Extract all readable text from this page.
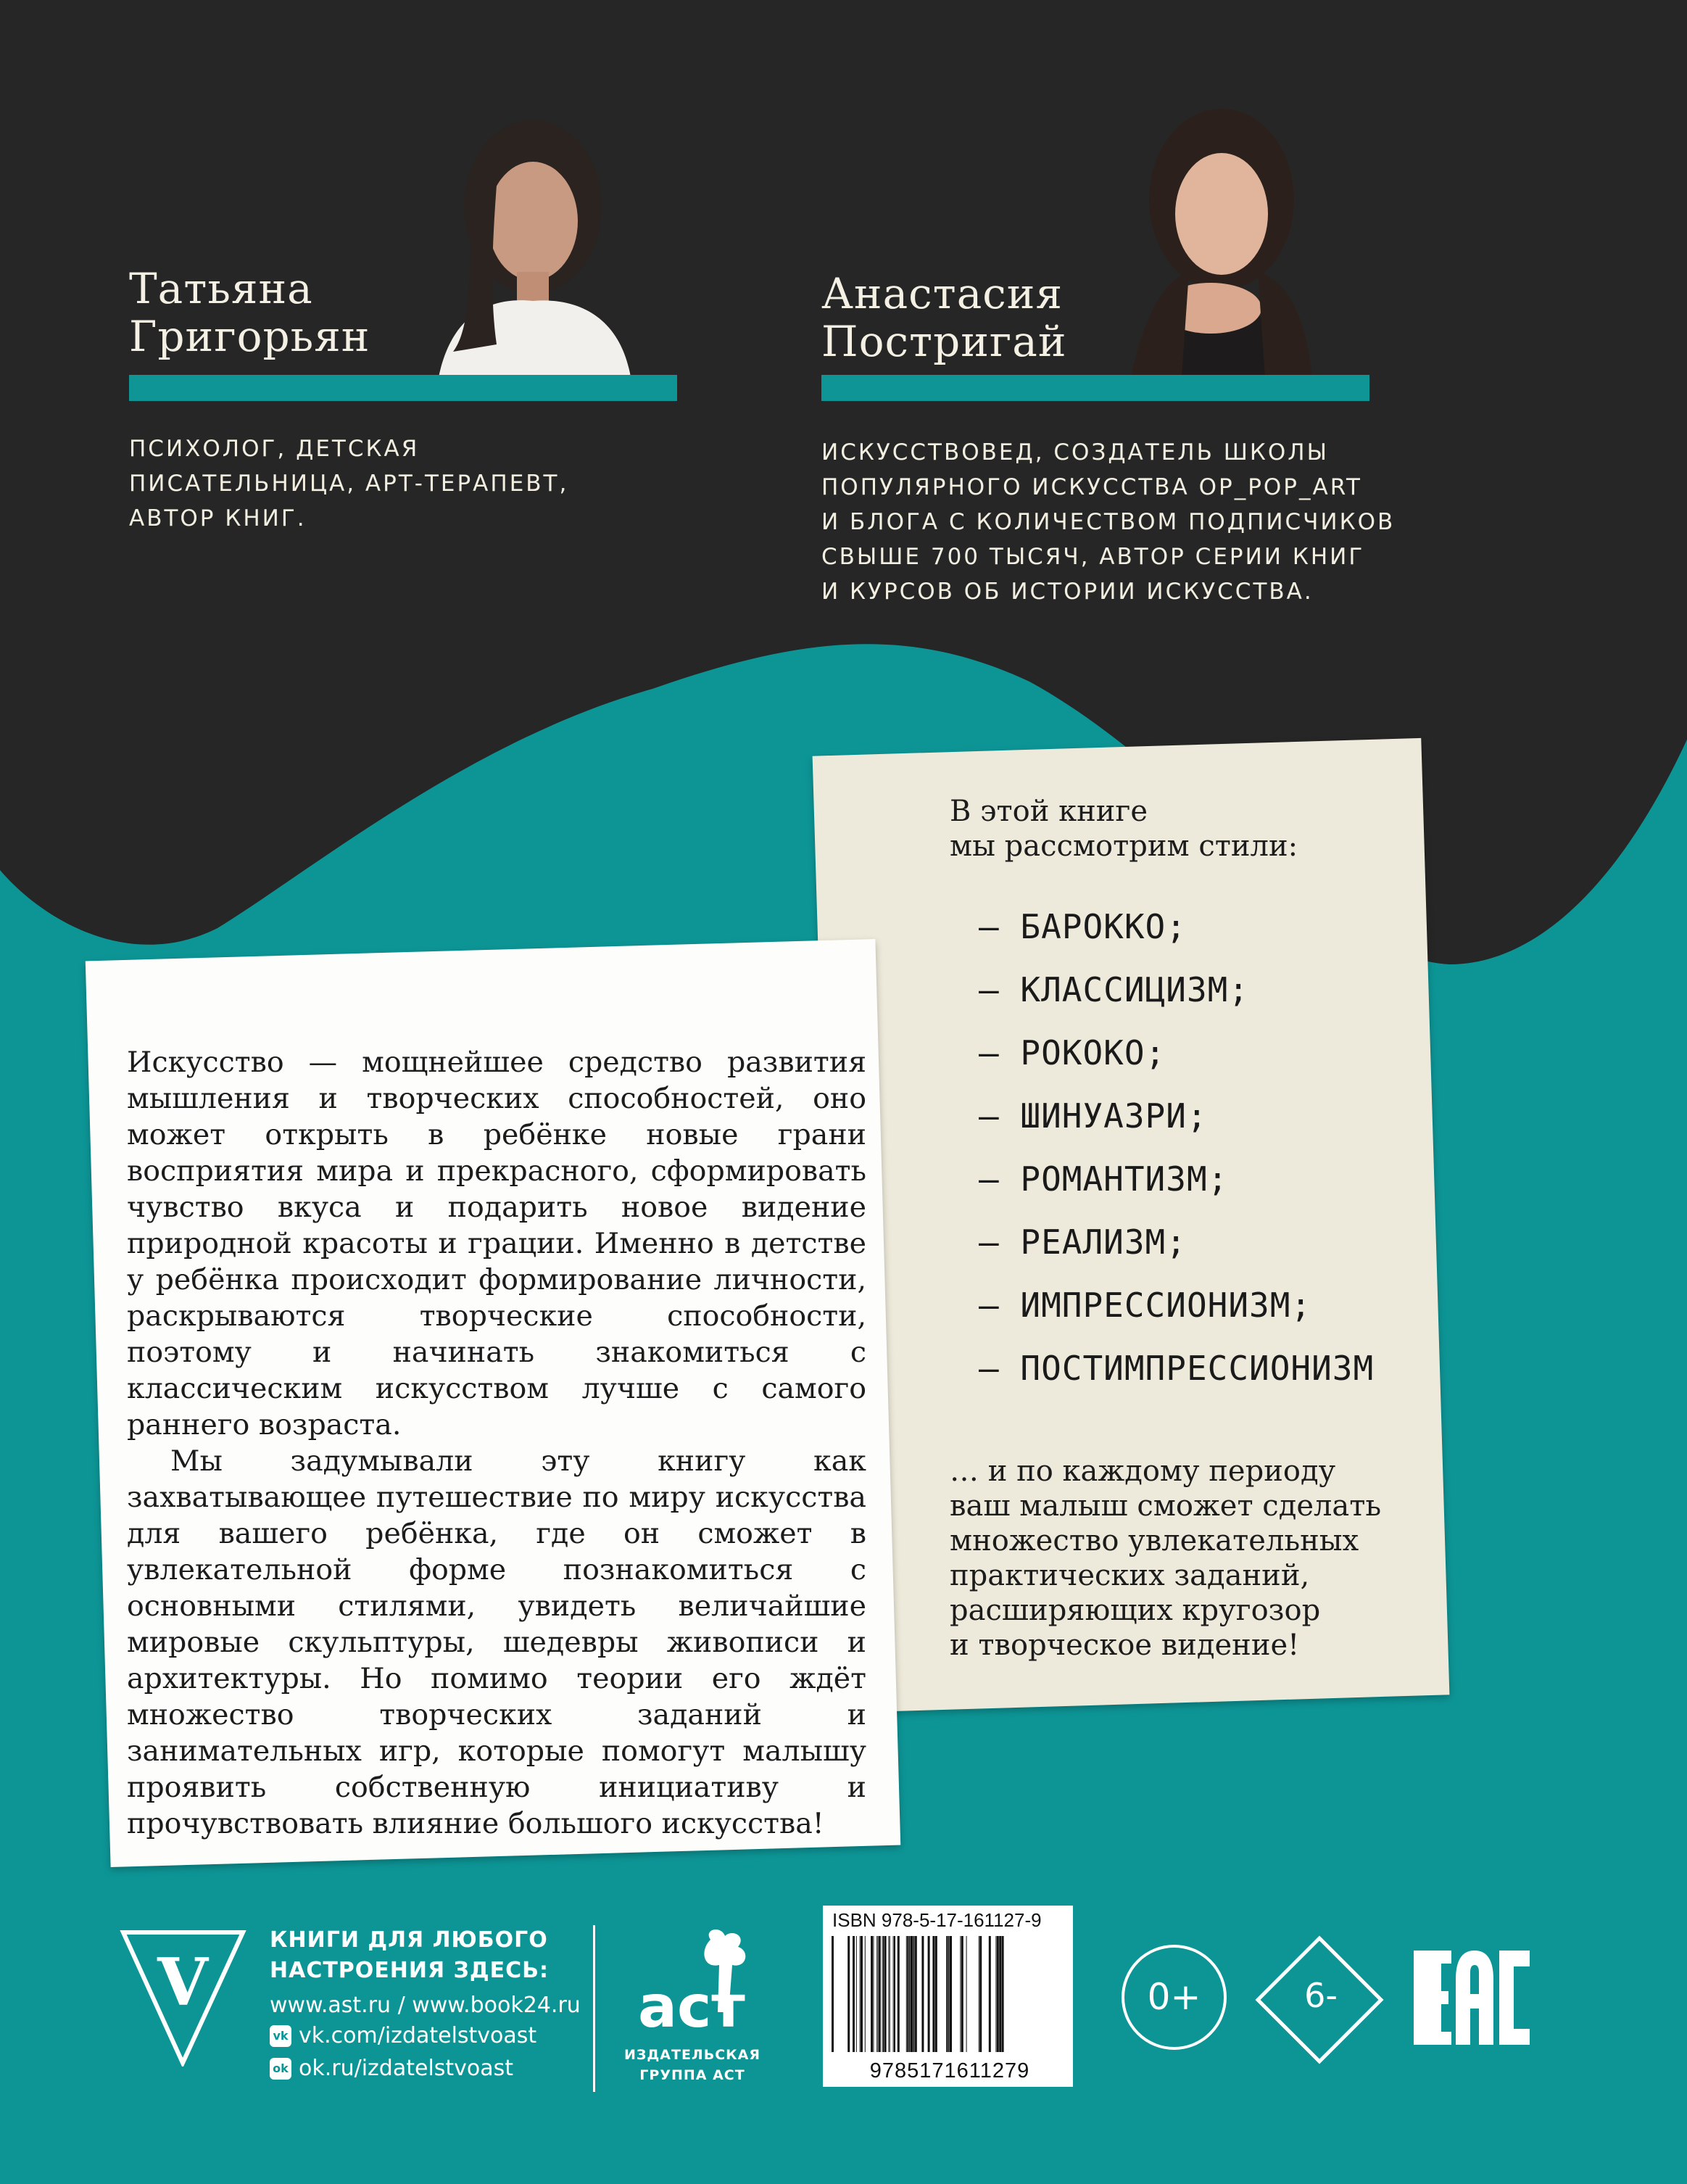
Татьяна
Григорьян
Анастасия
Постригай
ПСИХОЛОГ, ДЕТСКАЯ
ПИСАТЕЛЬНИЦА, АРТ-ТЕРАПЕВТ,
АВТОР КНИГ.
ИСКУССТВОВЕД, СОЗДАТЕЛЬ ШКОЛЫ
ПОПУЛЯРНОГО ИСКУССТВА OP_POP_ART
И БЛОГА С КОЛИЧЕСТВОМ ПОДПИСЧИКОВ
СВЫШЕ 700 ТЫСЯЧ, АВТОР СЕРИИ КНИГ
И КУРСОВ ОБ ИСТОРИИ ИСКУССТВА.

Искусство — мощнейшее средство развития мышления и творческих способностей, оно может открыть в ребёнке новые грани восприятия мира и прекрасного, сформировать чувство вкуса и подарить новое видение природной красоты и грации. Именно в детстве у ребёнка происходит формирование личности, раскрываются творческие способности, поэтому и начинать знакомиться с классическим искусством лучше с самого раннего возраста.

Мы задумывали эту книгу как захватывающее путешествие по миру искусства для вашего ребёнка, где он сможет в увлекательной форме познакомиться с основными стилями, увидеть величайшие мировые скульптуры, шедевры живописи и архитектуры. Но помимо теории его ждёт множество творческих заданий и занимательных игр, которые помогут малышу проявить собственную инициативу и прочувствовать влияние большого искусства!

В этой книге
мы рассмотрим стили:
— БАРОККО;
— КЛАССИЦИЗМ;
— РОКОКО;
— ШИНУАЗРИ;
— РОМАНТИЗМ;
— РЕАЛИЗМ;
— ИМПРЕССИОНИЗМ;
— ПОСТИМПРЕССИОНИЗМ
… и по каждому периоду
ваш малыш сможет сделать
множество увлекательных
практических заданий,
расширяющих кругозор
и творческое видение!
V
КНИГИ ДЛЯ ЛЮБОГО
НАСТРОЕНИЯ ЗДЕСЬ:
www.ast.ru / www.book24.ru
vk vk.com/izdatelstvoast
ok ok.ru/izdatelstvoast
аст
ИЗДАТЕЛЬСКАЯ
ГРУППА АСТ
ISBN 978-5-17-161127-9
9785171611279
0+	6-
